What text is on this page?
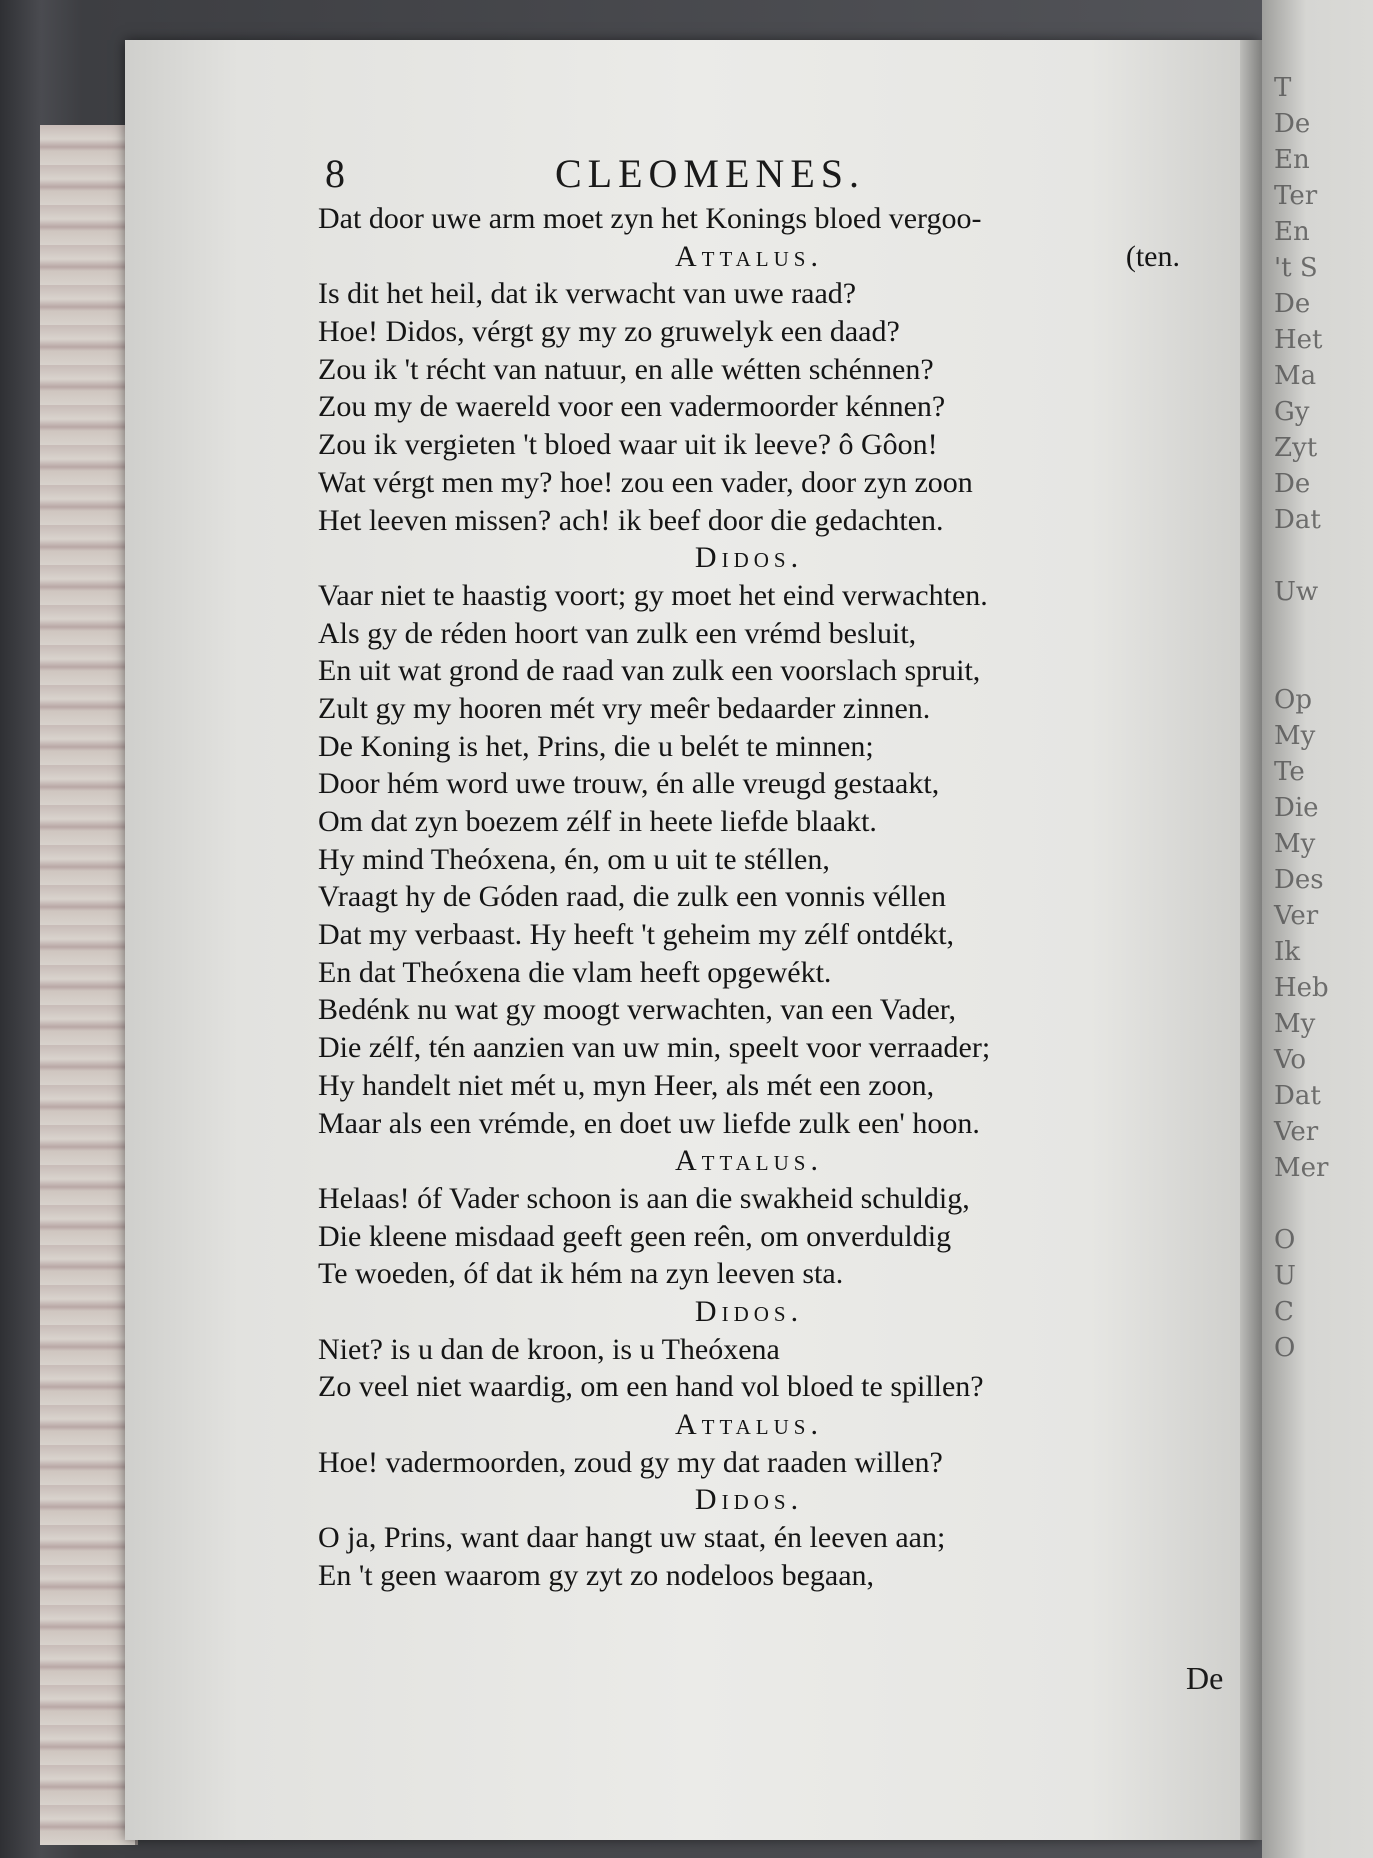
T
De
En
Ter
En
't S
De
Het
Ma
Gy
Zyt
De
Dat
Uw
Op
My
Te
Die
My
Des
Ver
Ik
Heb
My
Vo
Dat
Ver
Mer
O
U
C
O
8	CLEOMENES.
Dat door uwe arm moet zyn het Konings bloed vergoo-
Attalus.	(ten.
Is dit het heil, dat ik verwacht van uwe raad?
Hoe! Didos, vérgt gy my zo gruwelyk een daad?
Zou ik 't récht van natuur, en alle wétten schénnen?
Zou my de waereld voor een vadermoorder kénnen?
Zou ik vergieten 't bloed waar uit ik leeve? ô Gôon!
Wat vérgt men my? hoe! zou een vader, door zyn zoon
Het leeven missen? ach! ik beef door die gedachten.
Didos.
Vaar niet te haastig voort; gy moet het eind verwachten.
Als gy de réden hoort van zulk een vrémd besluit,
En uit wat grond de raad van zulk een voorslach spruit,
Zult gy my hooren mét vry meêr bedaarder zinnen.
De Koning is het, Prins, die u belét te minnen;
Door hém word uwe trouw, én alle vreugd gestaakt,
Om dat zyn boezem zélf in heete liefde blaakt.
Hy mind Theóxena, én, om u uit te stéllen,
Vraagt hy de Góden raad, die zulk een vonnis véllen
Dat my verbaast. Hy heeft 't geheim my zélf ontdékt,
En dat Theóxena die vlam heeft opgewékt.
Bedénk nu wat gy moogt verwachten, van een Vader,
Die zélf, tén aanzien van uw min, speelt voor verraader;
Hy handelt niet mét u, myn Heer, als mét een zoon,
Maar als een vrémde, en doet uw liefde zulk een' hoon.
Attalus.
Helaas! óf Vader schoon is aan die swakheid schuldig,
Die kleene misdaad geeft geen reên, om onverduldig
Te woeden, óf dat ik hém na zyn leeven sta.
Didos.
Niet? is u dan de kroon, is u Theóxena
Zo veel niet waardig, om een hand vol bloed te spillen?
Attalus.
Hoe! vadermoorden, zoud gy my dat raaden willen?
Didos.
O ja, Prins, want daar hangt uw staat, én leeven aan;
En 't geen waarom gy zyt zo nodeloos begaan,
De
